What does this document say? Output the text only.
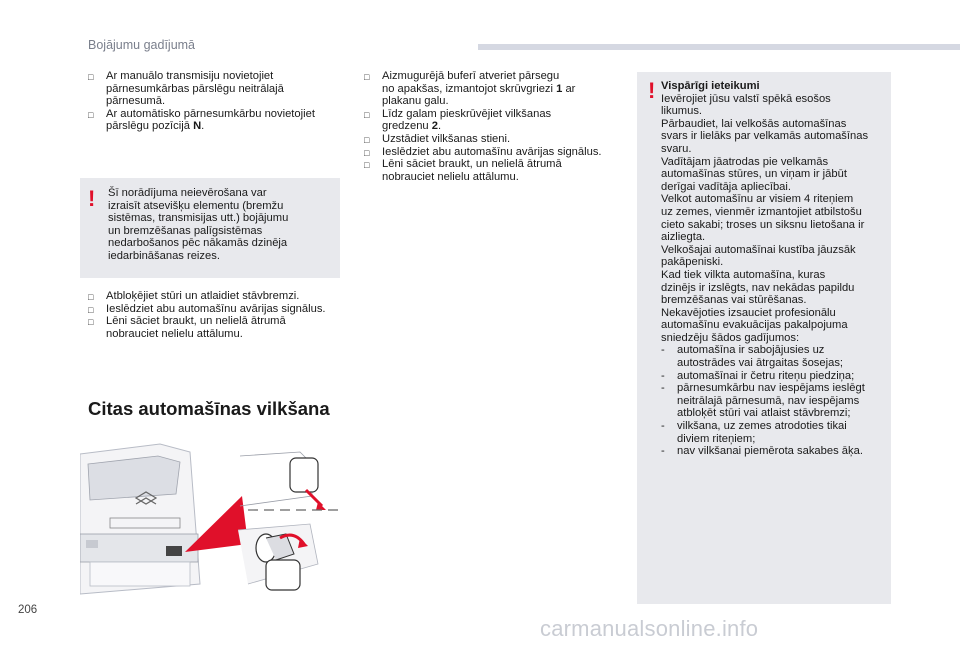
Bojājumu gadījumā
□ Ar manuālo transmisiju novietojiet
pārnesumkārbas pārslēgu neitrālajā
pārnesumā.
□ Ar automātisko pārnesumkārbu novietojiet
pārslēgu pozīcijā N.
! Šī norādījuma neievērošana var
izraisīt atsevišķu elementu (bremžu
sistēmas, transmisijas utt.) bojājumu
un bremzēšanas palīgsistēmas
nedarbošanos pēc nākamās dzinēja
iedarbināšanas reizes.
□ Atbloķējiet stūri un atlaidiet stāvbremzi.
□ Ieslēdziet abu automašīnu avārijas signālus.
□ Lēni sāciet braukt, un nelielā ātrumā
nobrauciet nelielu attālumu.
Citas automašīnas vilkšana
□ Aizmugurējā buferī atveriet pārsegu
no apakšas, izmantojot skrūvgriezi 1 ar
plakanu galu.
□ Līdz galam pieskrūvējiet vilkšanas
gredzenu 2.
□ Uzstādiet vilkšanas stieni.
□ Ieslēdziet abu automašīnu avārijas signālus.
□ Lēni sāciet braukt, un nelielā ātrumā
nobrauciet nelielu attālumu.
! Vispārīgi ieteikumi
Ievērojiet jūsu valstī spēkā esošos
likumus.
Pārbaudiet, lai velkošās automašīnas
svars ir lielāks par velkamās automašīnas
svaru.
Vadītājam jāatrodas pie velkamās
automašīnas stūres, un viņam ir jābūt
derīgai vadītāja apliecībai.
Velkot automašīnu ar visiem 4 riteņiem
uz zemes, vienmēr izmantojiet atbilstošu
cieto sakabi; troses un siksnu lietošana ir
aizliegta.
Velkošajai automašīnai kustība jāuzsāk
pakāpeniski.
Kad tiek vilkta automašīna, kuras
dzinējs ir izslēgts, nav nekādas papildu
bremzēšanas vai stūrēšanas.
Nekavējoties izsauciet profesionālu
automašīnu evakuācijas pakalpojuma
sniedzēju šādos gadījumos:
- automašīna ir sabojājusies uz
autostrādes vai ātrgaitas šosejas;
- automašīnai ir četru riteņu piedziņa;
- pārnesumkārbu nav iespējams ieslēgt
neitrālajā pārnesumā, nav iespējams
atbloķēt stūri vai atlaist stāvbremzi;
- vilkšana, uz zemes atrodoties tikai
diviem riteņiem;
- nav vilkšanai piemērota sakabes āķa.
206
carmanualsonline.info
